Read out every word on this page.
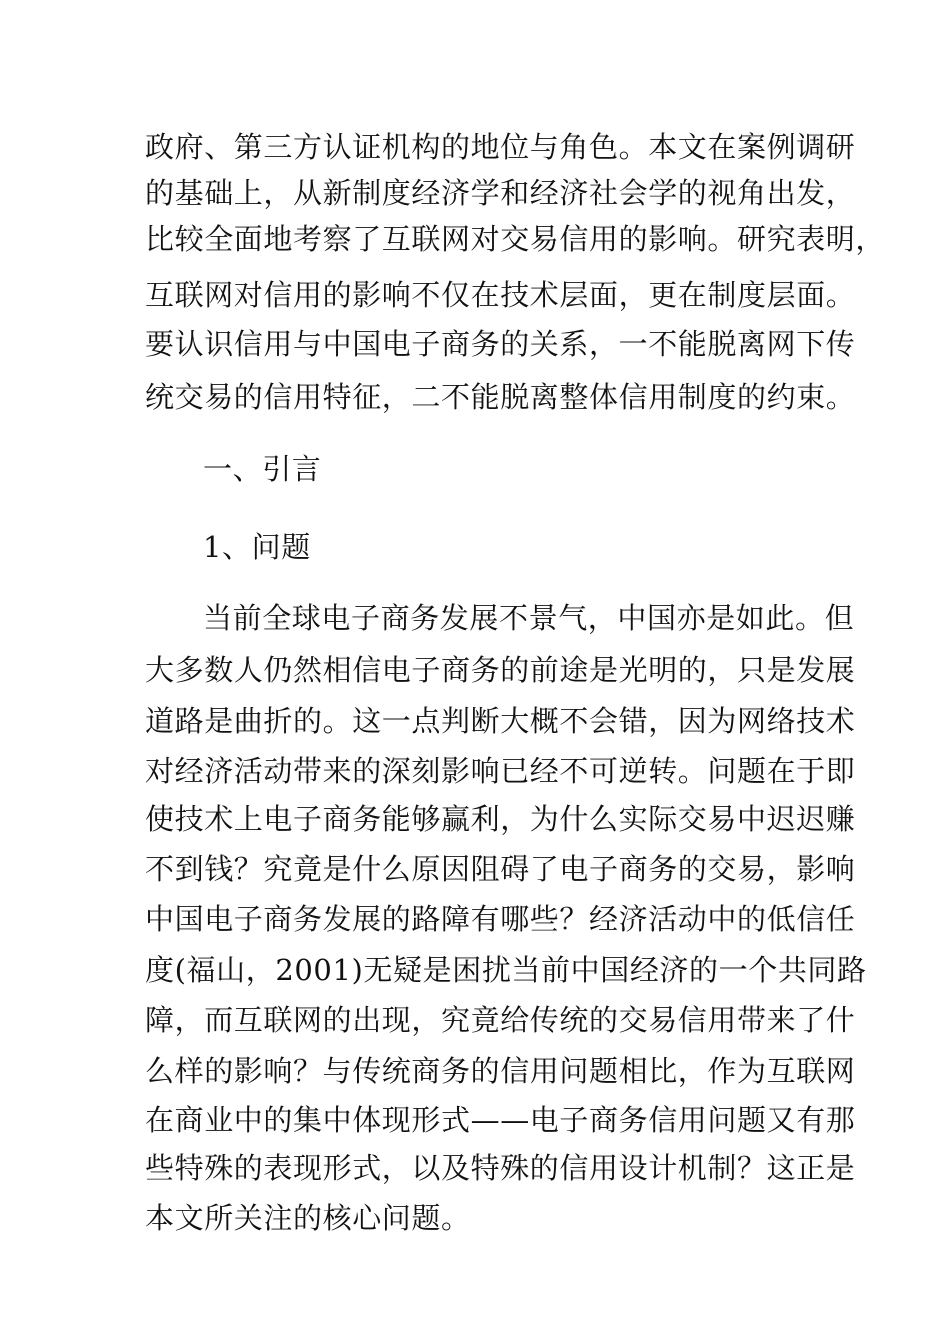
政府、第三方认证机构的地位与角色。本文在案例调研
的基础上，从新制度经济学和经济社会学的视角出发，
比较全面地考察了互联网对交易信用的影响。研究表明，
互联网对信用的影响不仅在技术层面，更在制度层面。
要认识信用与中国电子商务的关系，一不能脱离网下传
统交易的信用特征，二不能脱离整体信用制度的约束。
一、引言
1、问题
当前全球电子商务发展不景气，中国亦是如此。但
大多数人仍然相信电子商务的前途是光明的，只是发展
道路是曲折的。这一点判断大概不会错，因为网络技术
对经济活动带来的深刻影响已经不可逆转。问题在于即
使技术上电子商务能够赢利，为什么实际交易中迟迟赚
不到钱？究竟是什么原因阻碍了电子商务的交易，影响
中国电子商务发展的路障有哪些？经济活动中的低信任
度(福山，2001)无疑是困扰当前中国经济的一个共同路
障，而互联网的出现，究竟给传统的交易信用带来了什
么样的影响？与传统商务的信用问题相比，作为互联网
在商业中的集中体现形式——电子商务信用问题又有那
些特殊的表现形式，以及特殊的信用设计机制？这正是
本文所关注的核心问题。
